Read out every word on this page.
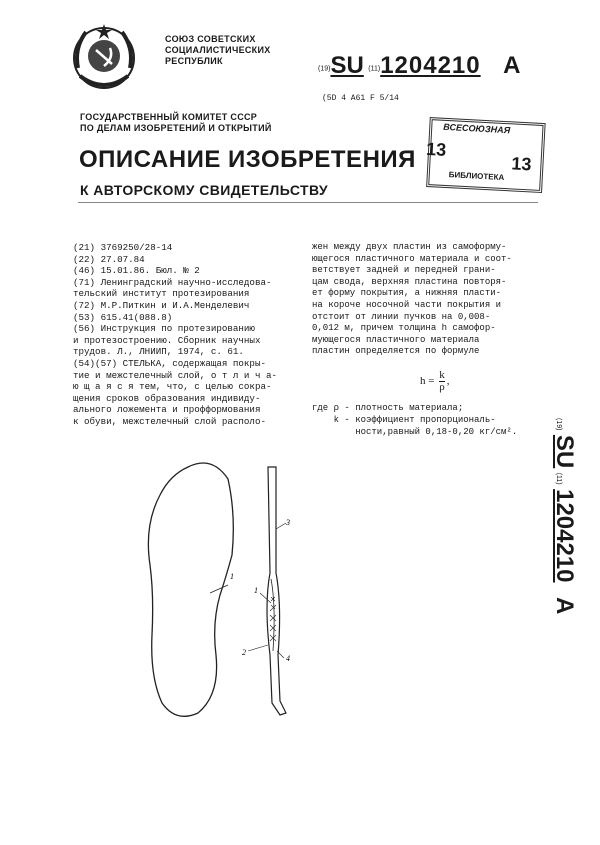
СОЮЗ СОВЕТСКИХ
СОЦИАЛИСТИЧЕСКИХ
РЕСПУБЛИК
(19)SU (11)1204210 A
(5D 4 A61 F 5/14
ГОСУДАРСТВЕННЫЙ КОМИТЕТ СССР
ПО ДЕЛАМ ИЗОБРЕТЕНИЙ И ОТКРЫТИЙ	ВСЕСОЮЗНАЯ
13
13
БИБЛИОТЕКА
ОПИСАНИЕ ИЗОБРЕТЕНИЯ
К АВТОРСКОМУ СВИДЕТЕЛЬСТВУ
(21) 3769250/28-14
(22) 27.07.84
(46) 15.01.86. Бюл. № 2
(71) Ленинградский научно-исследова-
тельский институт протезирования
(72) М.Р.Питкин и И.А.Менделевич
(53) 615.41(088.8)
(56) Инструкция по протезированию
и протезостроению. Сборник научных
трудов. Л., ЛНИИП, 1974, с. 61.
(54)(57) СТЕЛЬКА, содержащая покры-
тие и межстелечный слой, о т л и ч а-
ю щ а я с я тем, что, с целью сокра-
щения сроков образования индивиду-
ального ложемента и профформования
к обуви, межстелечный слой располо-
жен между двух пластин из самоформу-
ющегося пластичного материала и соот-
ветствует задней и передней грани-
цам свода, верхняя пластина повторя-
ет форму покрытия, а нижняя пласти-
на короче носочной части покрытия и
отстоит от линии пучков на 0,008-
0,012 м, причем толщина h самофор-
мующегося пластичного материала
пластин определяется по формуле
$h = \frac{k}{\rho}$ ,
где ρ - плотность материала;
k - коэффициент пропорциональ-
ности,равный 0,18-0,20 кг/см².
(19) SU (11) 1204210 A
3
1
2
4
1
